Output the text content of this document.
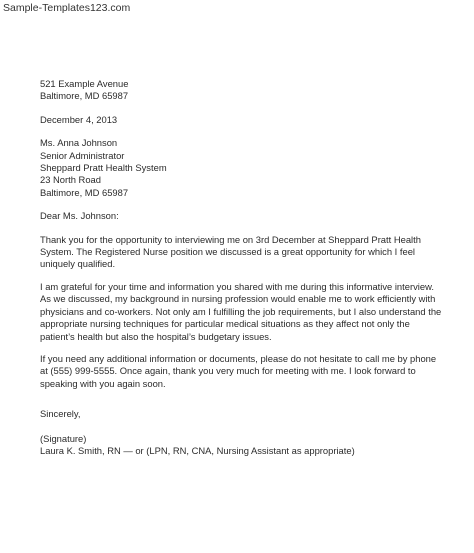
Sample-Templates123.com
521 Example Avenue
Baltimore, MD 65987
December 4, 2013
Ms. Anna Johnson
Senior Administrator
Sheppard Pratt Health System
23 North Road
Baltimore, MD 65987
Dear Ms. Johnson:
Thank you for the opportunity to interviewing me on 3rd December at Sheppard Pratt Health
System. The Registered Nurse position we discussed is a great opportunity for which I feel
uniquely qualified.
I am grateful for your time and information you shared with me during this informative interview.
As we discussed, my background in nursing profession would enable me to work efficiently with
physicians and co-workers. Not only am I fulfilling the job requirements, but I also understand the
appropriate nursing techniques for particular medical situations as they affect not only the
patient’s health but also the hospital’s budgetary issues.
If you need any additional information or documents, please do not hesitate to call me by phone
at (555) 999-5555. Once again, thank you very much for meeting with me. I look forward to
speaking with you again soon.
Sincerely,
(Signature)
Laura K. Smith, RN — or (LPN, RN, CNA, Nursing Assistant as appropriate)
